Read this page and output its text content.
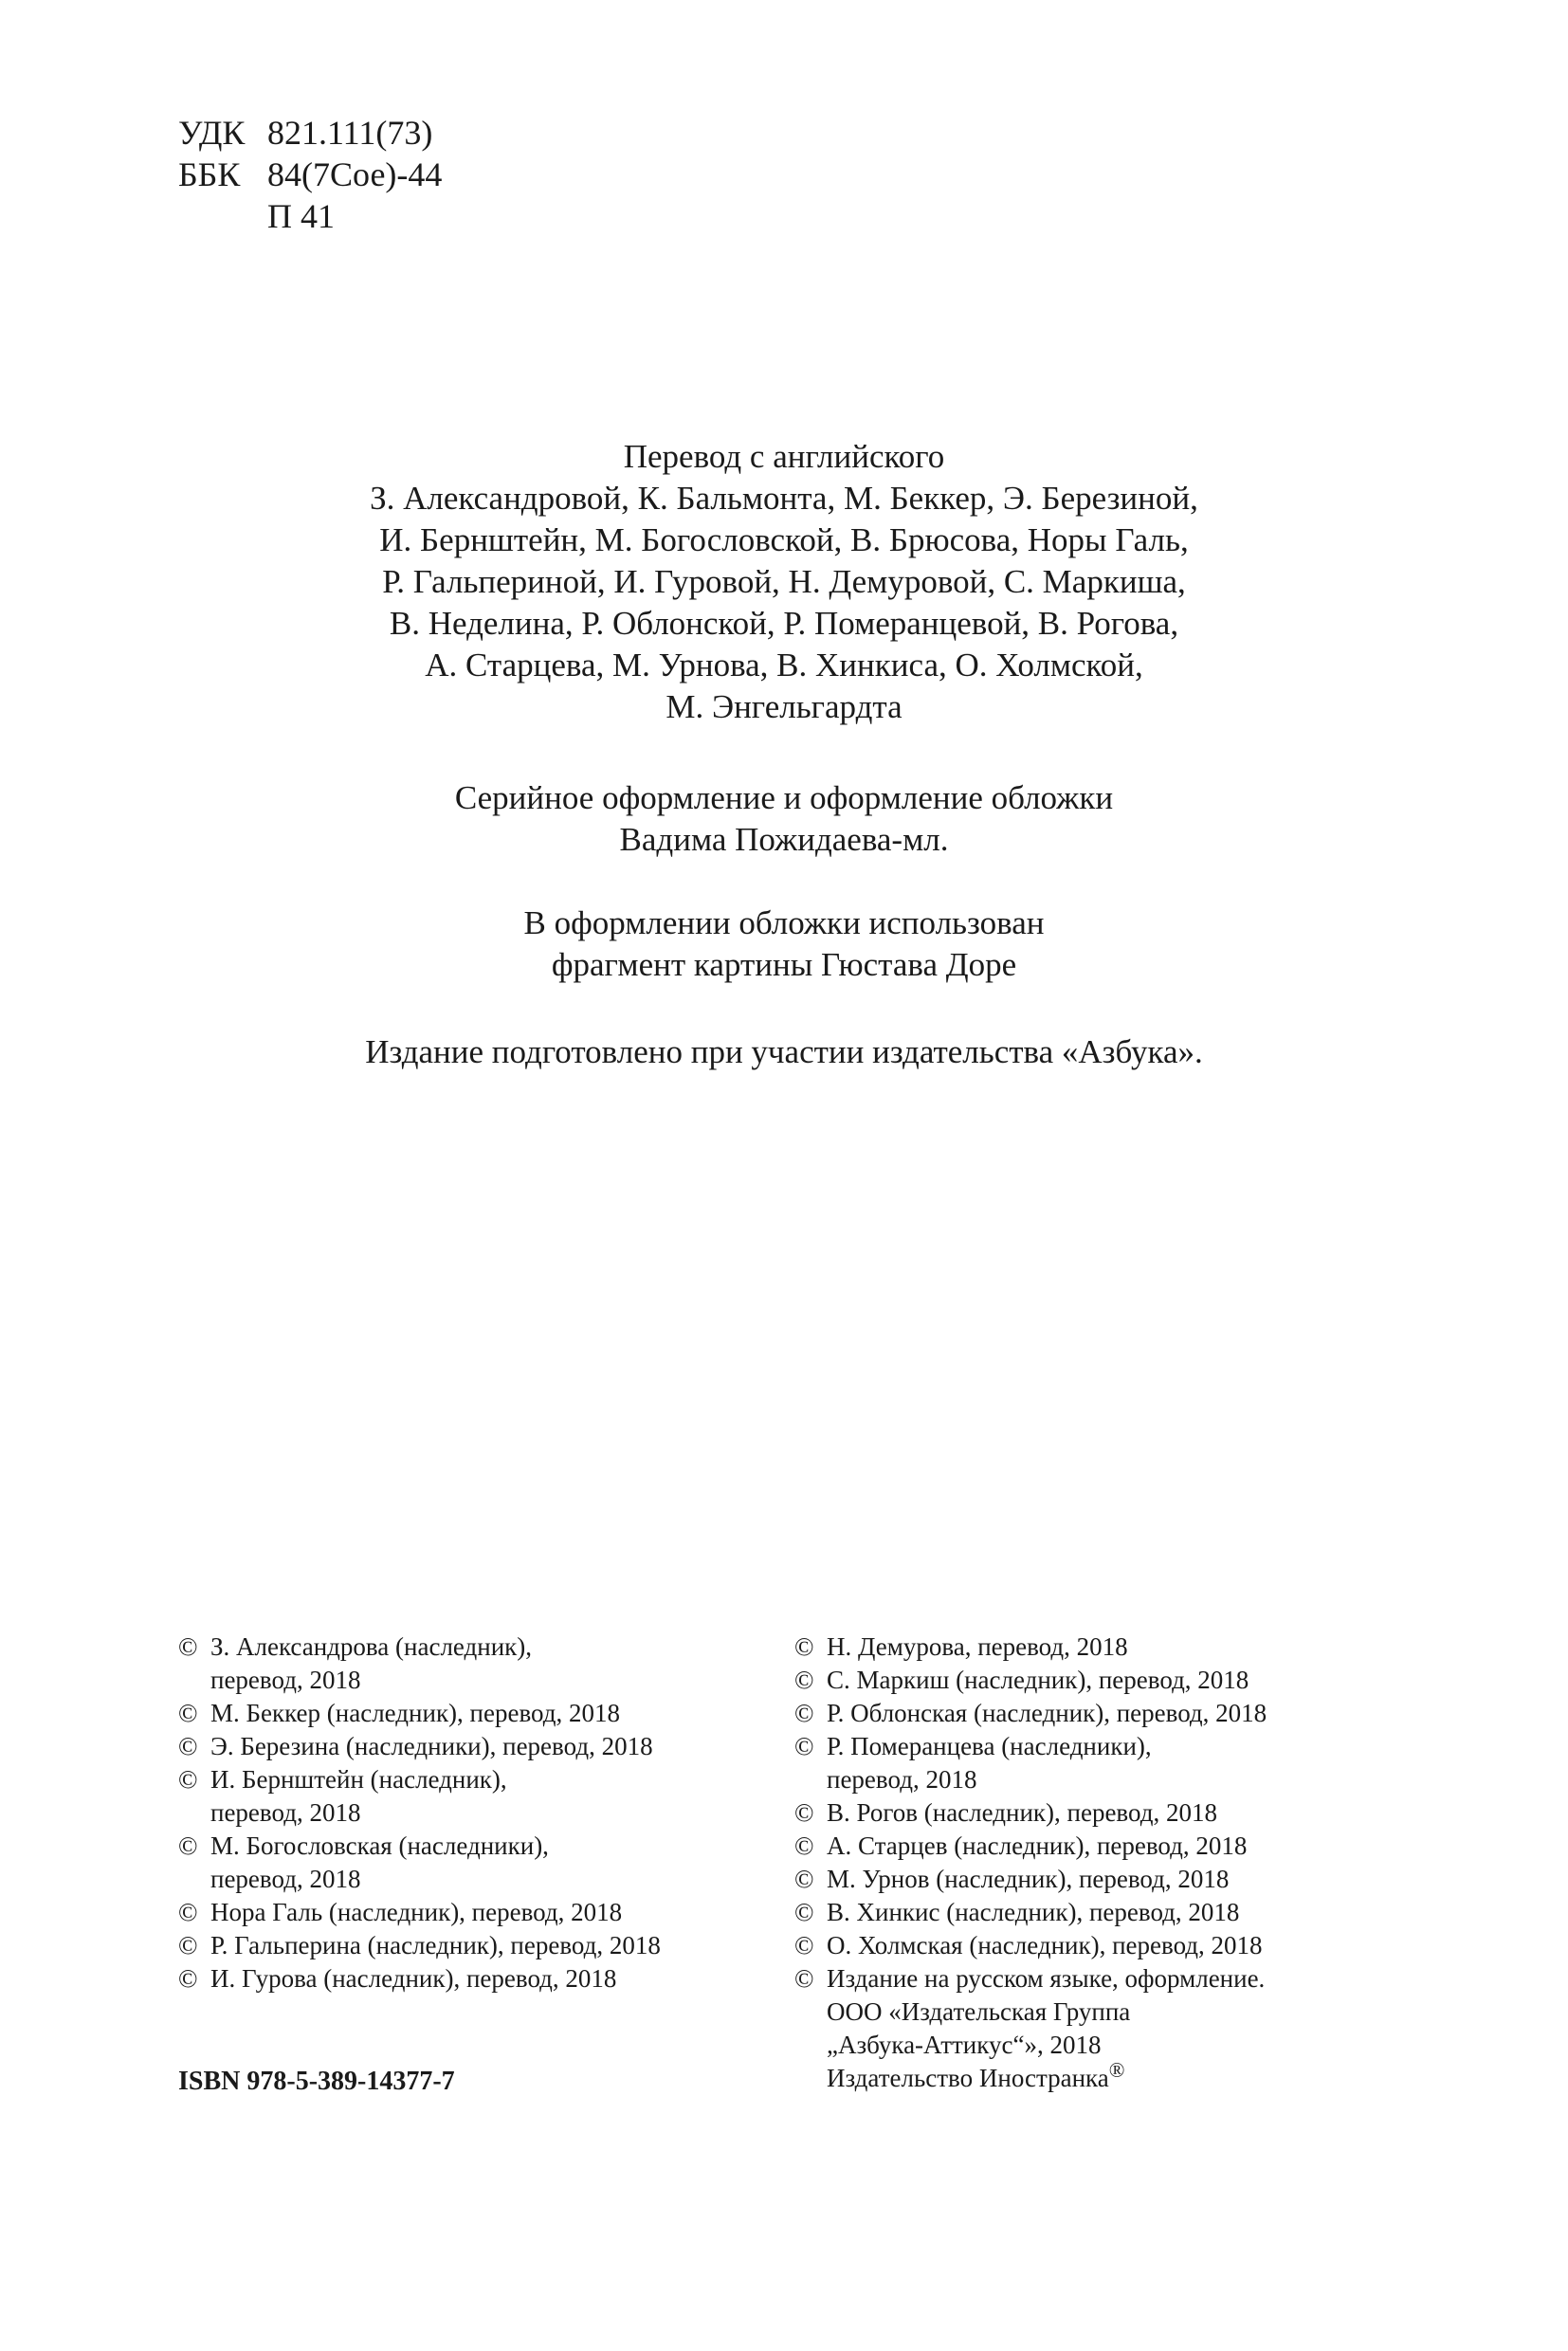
УДК 821.111(73)
ББК 84(7Сое)-44
П 41
Перевод с английского
З. Александровой, К. Бальмонта, М. Беккер, Э. Березиной,
И. Бернштейн, М. Богословской, В. Брюсова, Норы Галь,
Р. Гальпериной, И. Гуровой, Н. Демуровой, С. Маркиша,
В. Неделина, Р. Облонской, Р. Померанцевой, В. Рогова,
А. Старцева, М. Урнова, В. Хинкиса, О. Холмской,
М. Энгельгардта
Серийное оформление и оформление обложки
Вадима Пожидаева-мл.
В оформлении обложки использован
фрагмент картины Гюстава Доре
Издание подготовлено при участии издательства «Азбука».
© З. Александрова (наследник),
перевод, 2018
© М. Беккер (наследник), перевод, 2018
© Э. Березина (наследники), перевод, 2018
© И. Бернштейн (наследник),
перевод, 2018
© М. Богословская (наследники),
перевод, 2018
© Нора Галь (наследник), перевод, 2018
© Р. Гальперина (наследник), перевод, 2018
© И. Гурова (наследник), перевод, 2018
© Н. Демурова, перевод, 2018
© С. Маркиш (наследник), перевод, 2018
© Р. Облонская (наследник), перевод, 2018
© Р. Померанцева (наследники),
перевод, 2018
© В. Рогов (наследник), перевод, 2018
© А. Старцев (наследник), перевод, 2018
© М. Урнов (наследник), перевод, 2018
© В. Хинкис (наследник), перевод, 2018
© О. Холмская (наследник), перевод, 2018
© Издание на русском языке, оформление.
ООО «Издательская Группа
„Азбука-Аттикус“», 2018
Издательство Иностранка®
ISBN 978-5-389-14377-7
